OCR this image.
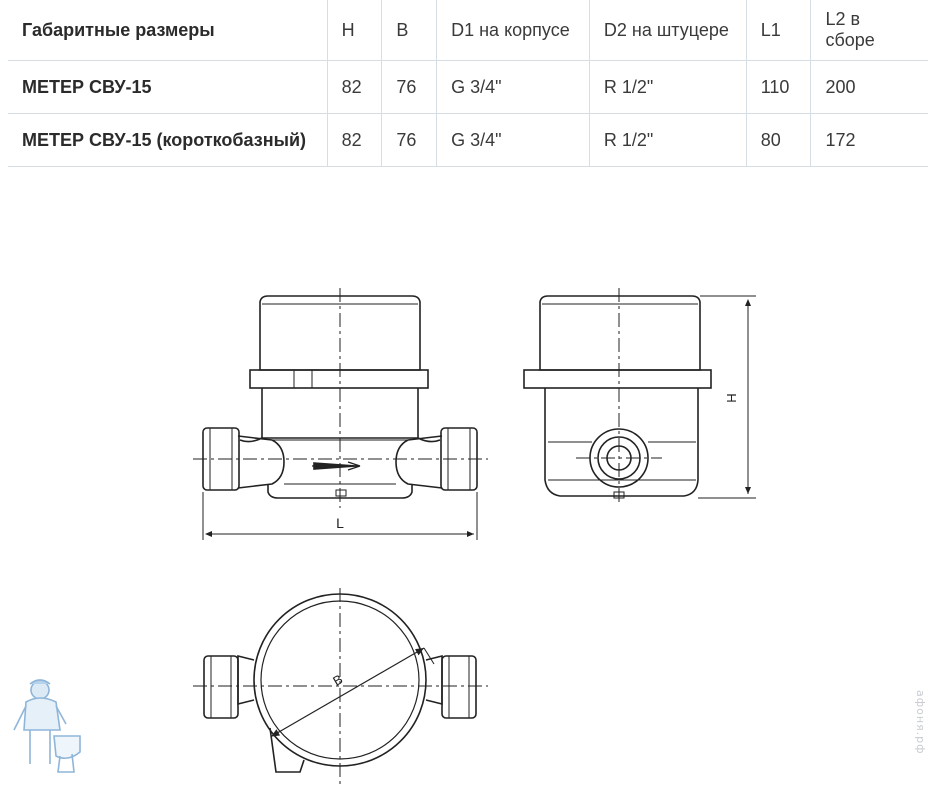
Габаритные размеры	H	B	D1 на корпусе	D2 на штуцере	L1	L2 в сборе
МЕТЕР СВУ-15	82	76	G 3/4"	R 1/2"	110	200
МЕТЕР СВУ-15 (короткобазный)	82	76	G 3/4"	R 1/2"	80	172
L
H
B
афоня.рф
